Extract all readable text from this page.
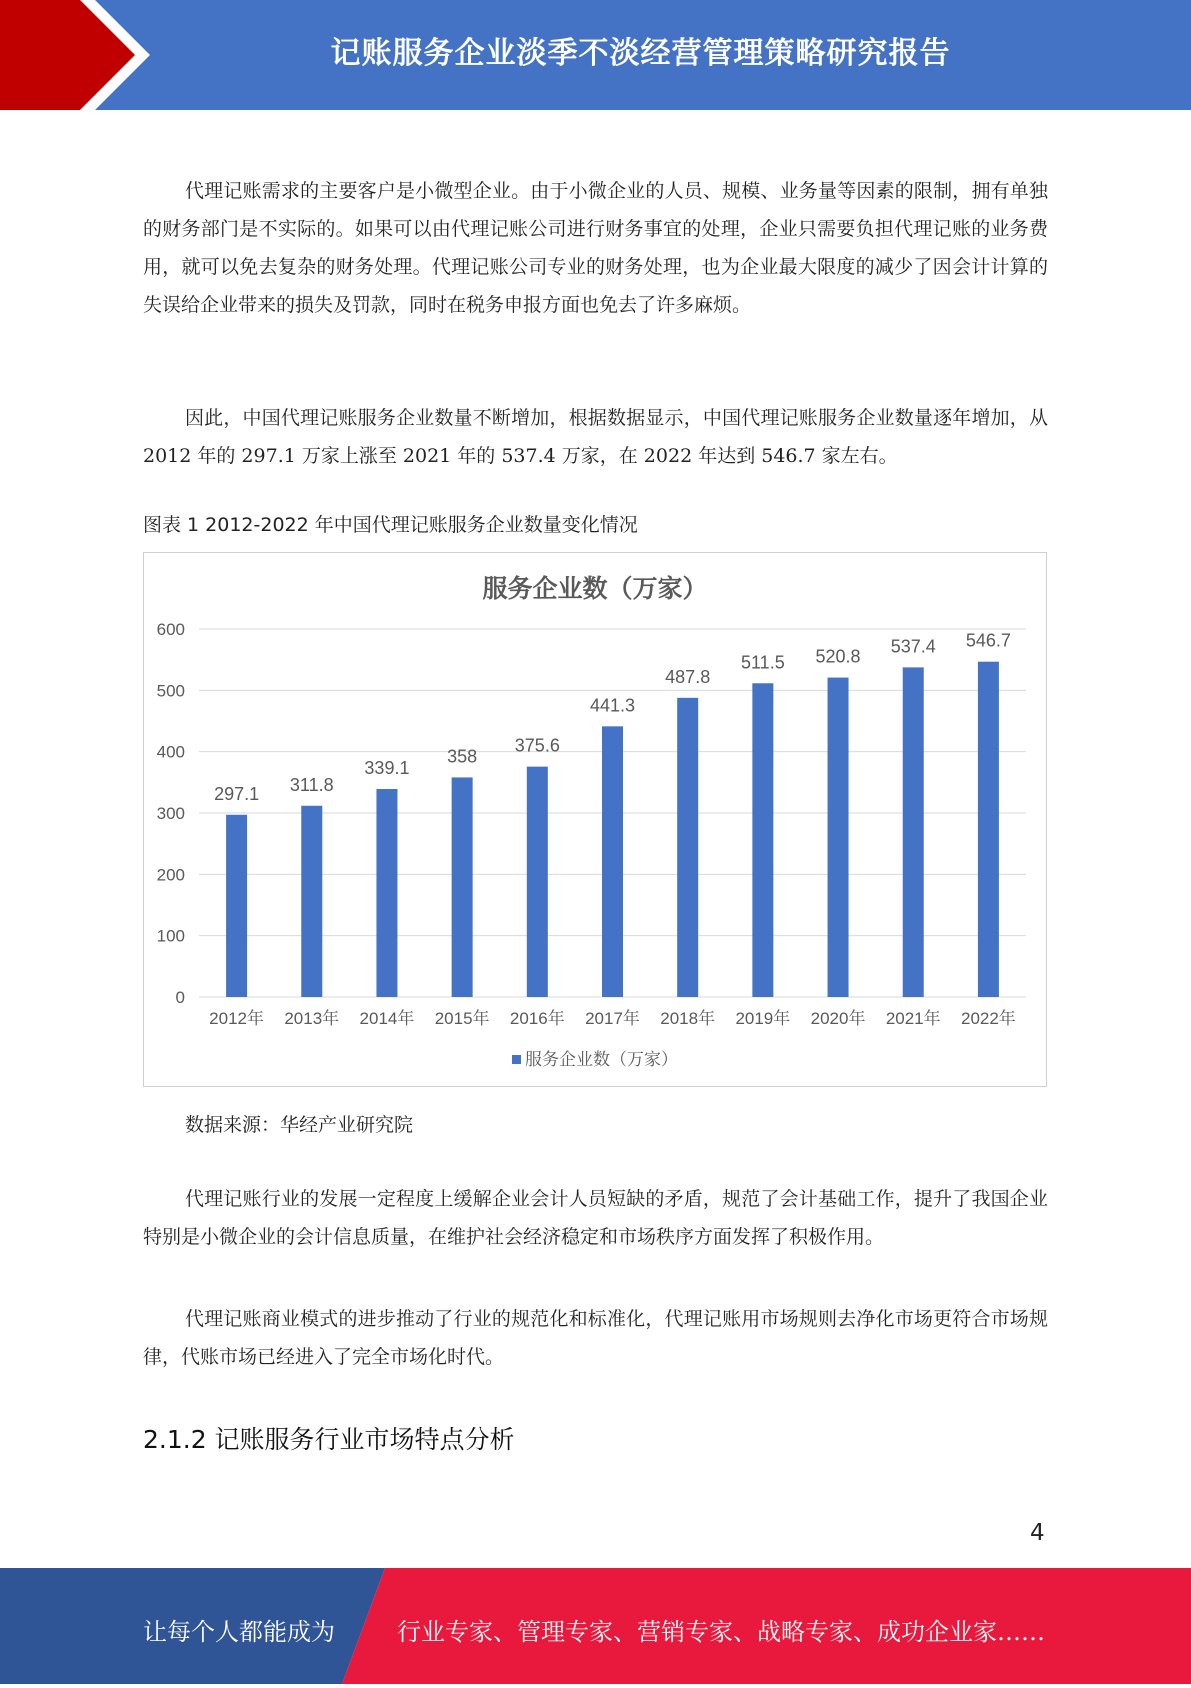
记账服务企业淡季不淡经营管理策略研究报告

代理记账需求的主要客户是小微型企业。由于小微企业的人员、规模、业务量等因素的限制，拥有单独的财务部门是不实际的。如果可以由代理记账公司进行财务事宜的处理，企业只需要负担代理记账的业务费用，就可以免去复杂的财务处理。代理记账公司专业的财务处理，也为企业最大限度的减少了因会计计算的失误给企业带来的损失及罚款，同时在税务申报方面也免去了许多麻烦。

因此，中国代理记账服务企业数量不断增加，根据数据显示，中国代理记账服务企业数量逐年增加，从 2012 年的 297.1 万家上涨至 2021 年的 537.4 万家，在 2022 年达到 546.7 家左右。

图表 1 2012-2022 年中国代理记账服务企业数量变化情况
服务企业数（万家）
0
100
200
300
400
500
600
297.1
2012年
311.8
2013年
339.1
2014年
358
2015年
375.6
2016年
441.3
2017年
487.8
2018年
511.5
2019年
520.8
2020年
537.4
2021年
546.7
2022年
服务企业数（万家）
数据来源：华经产业研究院

代理记账行业的发展一定程度上缓解企业会计人员短缺的矛盾，规范了会计基础工作，提升了我国企业特别是小微企业的会计信息质量，在维护社会经济稳定和市场秩序方面发挥了积极作用。

代理记账商业模式的进步推动了行业的规范化和标准化，代理记账用市场规则去净化市场更符合市场规律，代账市场已经进入了完全市场化时代。

2.1.2 记账服务行业市场特点分析
4
让每个人都能成为	行业专家、管理专家、营销专家、战略专家、成功企业家……
